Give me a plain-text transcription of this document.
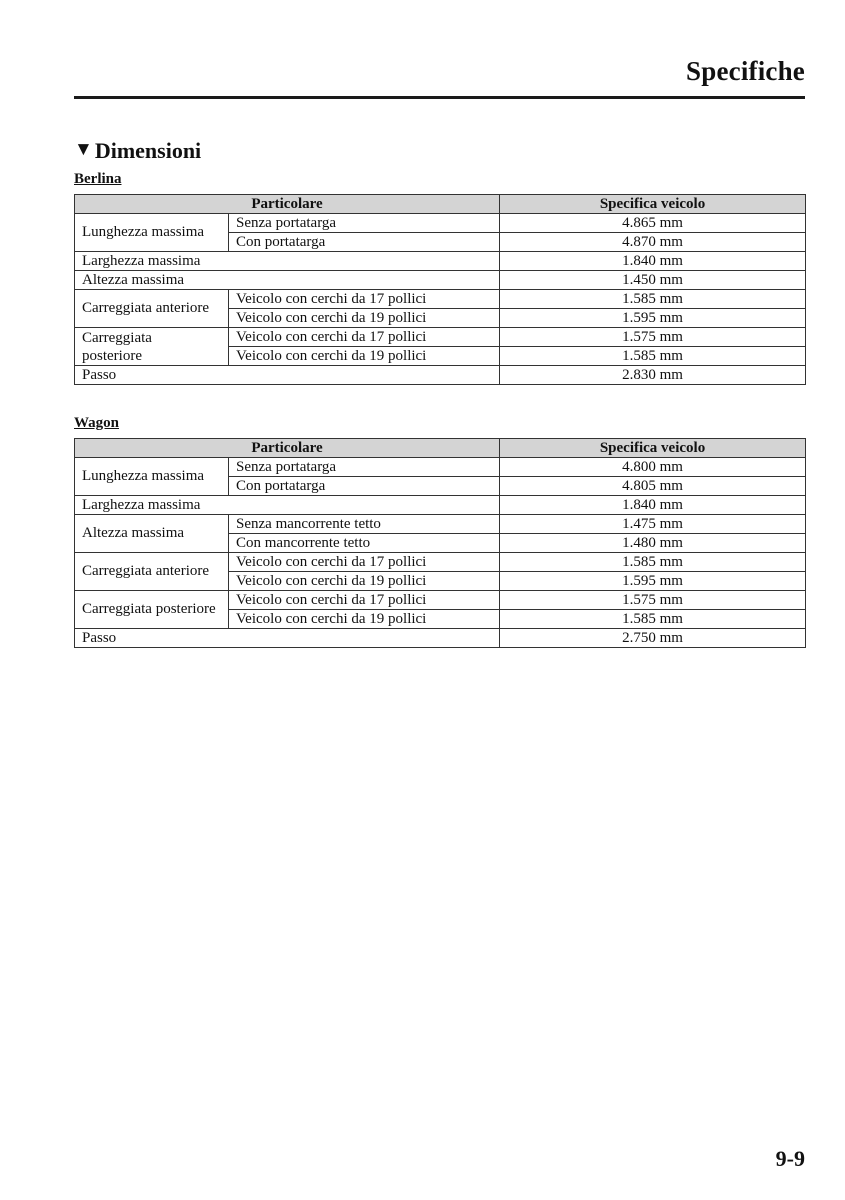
Specifiche
▼ Dimensioni

Berlina

Particolare		Specifica veicolo
Lunghezza massima	Senza portatarga	4.865 mm
	Con portatarga	4.870 mm
Larghezza massima		1.840 mm
Altezza massima		1.450 mm
Carreggiata anteriore	Veicolo con cerchi da 17 pollici	1.585 mm
	Veicolo con cerchi da 19 pollici	1.595 mm
Carreggiata
posteriore	Veicolo con cerchi da 17 pollici	1.575 mm
	Veicolo con cerchi da 19 pollici	1.585 mm
Passo		2.830 mm

Wagon

Particolare		Specifica veicolo
Lunghezza massima	Senza portatarga	4.800 mm
	Con portatarga	4.805 mm
Larghezza massima		1.840 mm
Altezza massima	Senza mancorrente tetto	1.475 mm
	Con mancorrente tetto	1.480 mm
Carreggiata anteriore	Veicolo con cerchi da 17 pollici	1.585 mm
	Veicolo con cerchi da 19 pollici	1.595 mm
Carreggiata posteriore	Veicolo con cerchi da 17 pollici	1.575 mm
	Veicolo con cerchi da 19 pollici	1.585 mm
Passo		2.750 mm
9-9
